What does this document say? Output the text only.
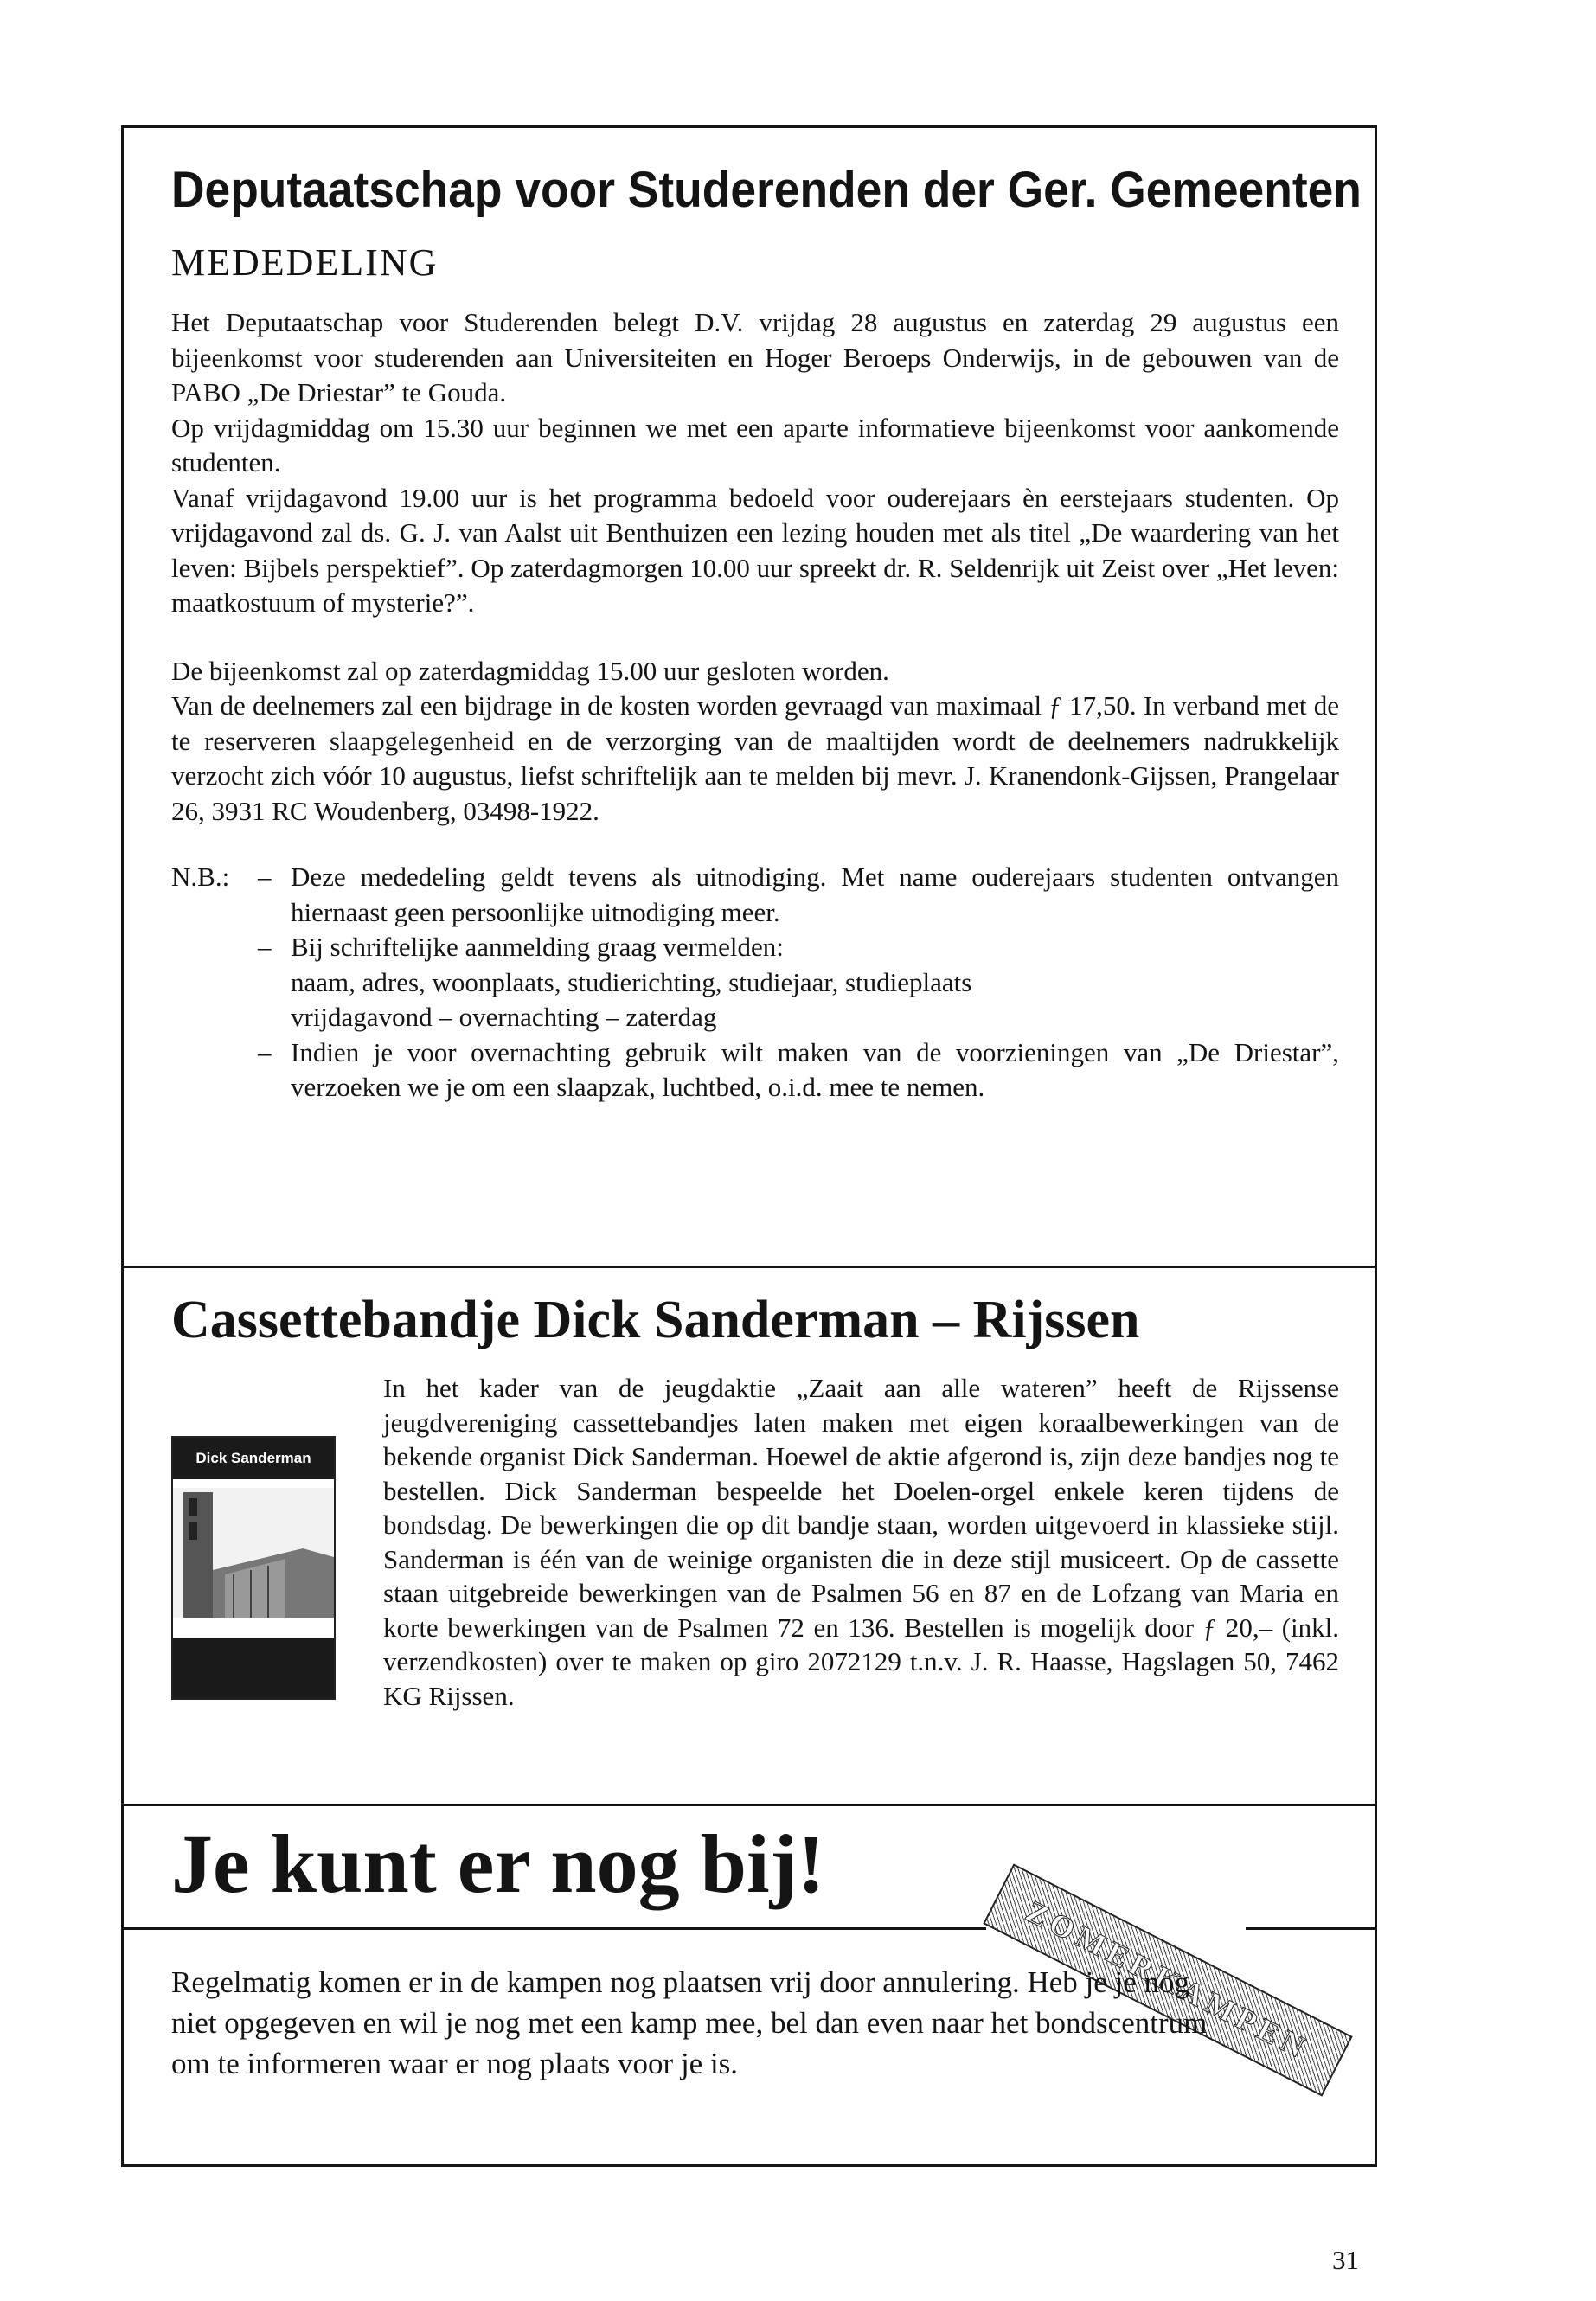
Deputaatschap voor Studerenden der Ger. Gemeenten
MEDEDELING

Het Deputaatschap voor Studerenden belegt D.V. vrijdag 28 augustus en zaterdag 29 augustus een bijeenkomst voor studerenden aan Universiteiten en Hoger Beroeps Onderwijs, in de gebouwen van de PABO „De Driestar” te Gouda.

Op vrijdagmiddag om 15.30 uur beginnen we met een aparte informatieve bijeenkomst voor aankomende studenten.

Vanaf vrijdagavond 19.00 uur is het programma bedoeld voor ouderejaars èn eerstejaars studenten. Op vrijdagavond zal ds. G. J. van Aalst uit Benthuizen een lezing houden met als titel „De waardering van het leven: Bijbels perspektief”. Op zaterdagmorgen 10.00 uur spreekt dr. R. Seldenrijk uit Zeist over „Het leven: maatkostuum of mysterie?”.

De bijeenkomst zal op zaterdagmiddag 15.00 uur gesloten worden.

Van de deelnemers zal een bijdrage in de kosten worden gevraagd van maximaal ƒ 17,50. In verband met de te reserveren slaapgelegenheid en de verzorging van de maaltijden wordt de deelnemers nadrukkelijk verzocht zich vóór 10 augustus, liefst schriftelijk aan te melden bij mevr. J. Kranendonk-Gijssen, Prangelaar 26, 3931 RC Woudenberg, 03498-1922.

N.B.:	– Deze mededeling geldt tevens als uitnodiging. Met name ouderejaars studenten ontvangen hiernaast geen persoonlijke uitnodiging meer.
– Bij schriftelijke aanmelding graag vermelden:
naam, adres, woonplaats, studierichting, studiejaar, studieplaats
vrijdagavond – overnachting – zaterdag
– Indien je voor overnachting gebruik wilt maken van de voorzieningen van „De Driestar”, verzoeken we je om een slaapzak, luchtbed, o.i.d. mee te nemen.
Cassettebandje Dick Sanderman – Rijssen
Dick Sanderman

In het kader van de jeugdaktie „Zaait aan alle wateren” heeft de Rijssense jeugdvereniging cassettebandjes laten maken met eigen koraalbewerkingen van de bekende organist Dick Sanderman. Hoewel de aktie afgerond is, zijn deze bandjes nog te bestellen. Dick Sanderman bespeelde het Doelen-orgel enkele keren tijdens de bondsdag. De bewerkingen die op dit bandje staan, worden uitgevoerd in klassieke stijl. Sanderman is één van de weinige organisten die in deze stijl musiceert. Op de cassette staan uitgebreide bewerkingen van de Psalmen 56 en 87 en de Lofzang van Maria en korte bewerkingen van de Psalmen 72 en 136. Bestellen is mogelijk door ƒ 20,– (inkl. verzendkosten) over te maken op giro 2072129 t.n.v. J. R. Haasse, Hagslagen 50, 7462 KG Rijssen.

Je kunt er nog bij!
ZOMERKAMPEN

Regelmatig komen er in de kampen nog plaatsen vrij door annulering. Heb je je nog niet opgegeven en wil je nog met een kamp mee, bel dan even naar het bondscentrum om te informeren waar er nog plaats voor je is.

31
